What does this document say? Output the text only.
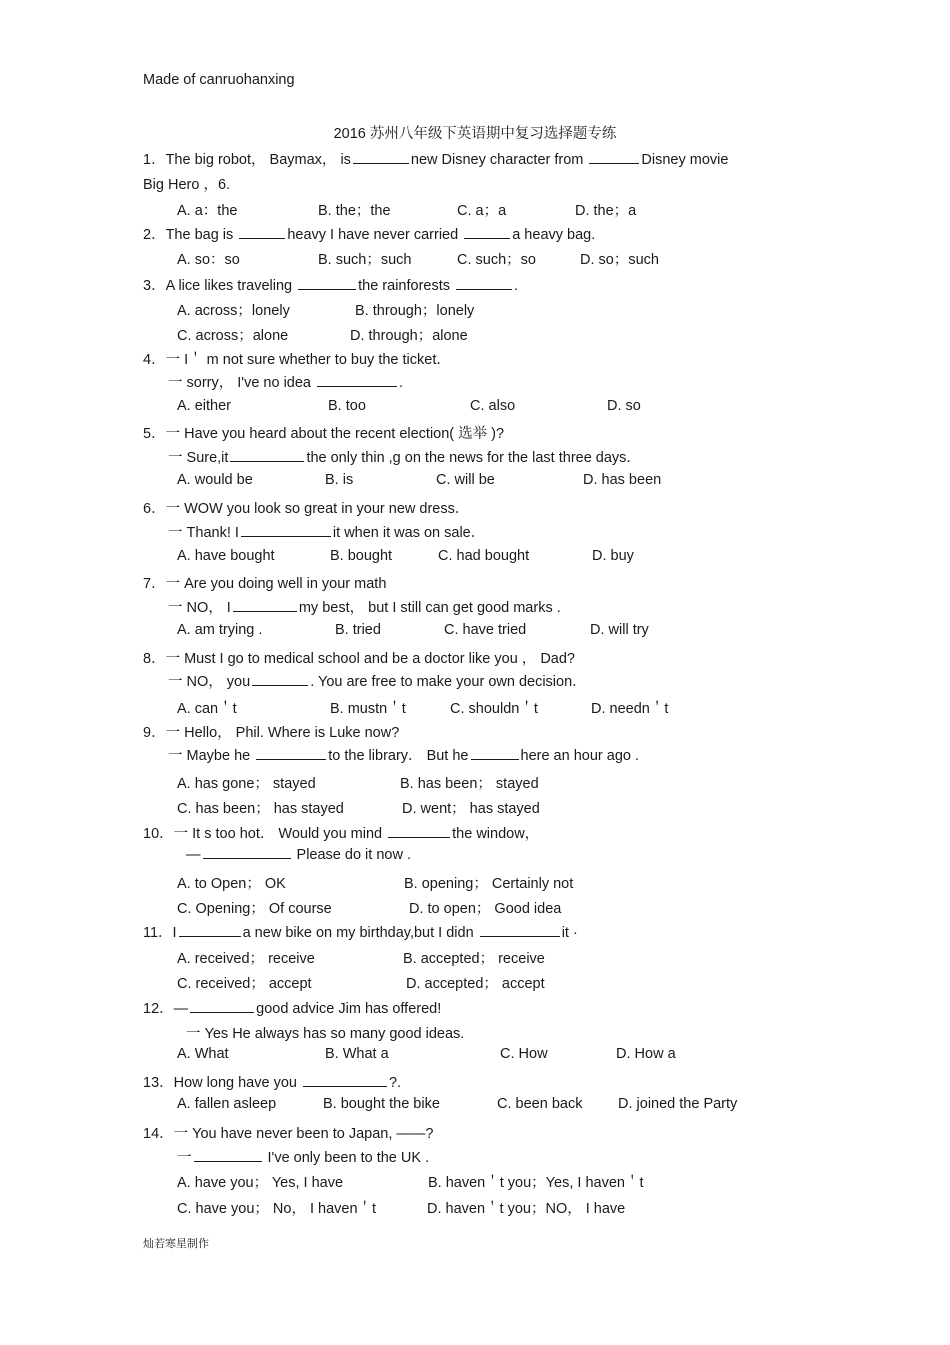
Made of canruohanxing
2016 苏州八年级下英语期中复习选择题专练
1．The big robot， Baymax， is	new Disney character from	Disney movie
Big Hero ，6.
A. a：the	B. the；the	C. a；a	D. the；a
2．The bag is	heavy I have never carried	a heavy bag.
A. so：so	B. such；such	C. such；so	D. so；such
3．A lice likes traveling	the rainforests	.
A. across；lonely	B. through；lonely
C. across；alone	D. through；alone
4．一 I＇ m not sure whether to buy the ticket．
一 sorry， I've no idea	.
A. either	B. too	C. also	D. so
5．一 Have you heard about the recent election( 选举 )?
一 Sure,it	the only thin ,g on the news for the last three days．
A. would be	B. is	C. will be	D. has been
6．一 WOW you look so great in your new dress．
一 Thank! I	it when it was on sale．
A. have bought	B. bought	C. had bought	D. buy
7．一 Are you doing well in your math
一 NO， I	my best， but I still can get good marks .
A. am trying .	B. tried	C. have tried	D. will try
8．一 Must I go to medical school and be a doctor like you ， Dad?
一 NO， you	. You are free to make your own decision．
A. can＇t	B. mustn＇t	C. shouldn＇t	D. needn＇t
9．一 Hello， Phil. Where is Luke now?
一 Maybe he	to the library． But he	here an hour ago .
A. has gone； stayed	B. has been； stayed
C. has been； has stayed	D. went； has stayed
10．一 It s too hot． Would you mind	the window，
—	Please do it now .
A. to Open； OK	B. opening； Certainly not
C. Opening； Of course	D. to open； Good idea
11．I	a new bike on my birthday,but I didn	it ·
A. received； receive	B. accepted； receive
C. received； accept	D. accepted； accept
12．—	good advice Jim has offered!
一 Yes He always has so many good ideas.
A. What	B. What a	C. How	D. How a
13．How long have you	?.
A. fallen asleep	B. bought the bike	C. been back D. joined the Party
14．一 You have never been to Japan, ——?
一	I've only been to the UK .
A. have you； Yes, I have	B. haven＇t you；Yes, I haven＇t
C. have you； No， I haven＇t	D. haven＇t you；NO， I have
灿若寒星制作
